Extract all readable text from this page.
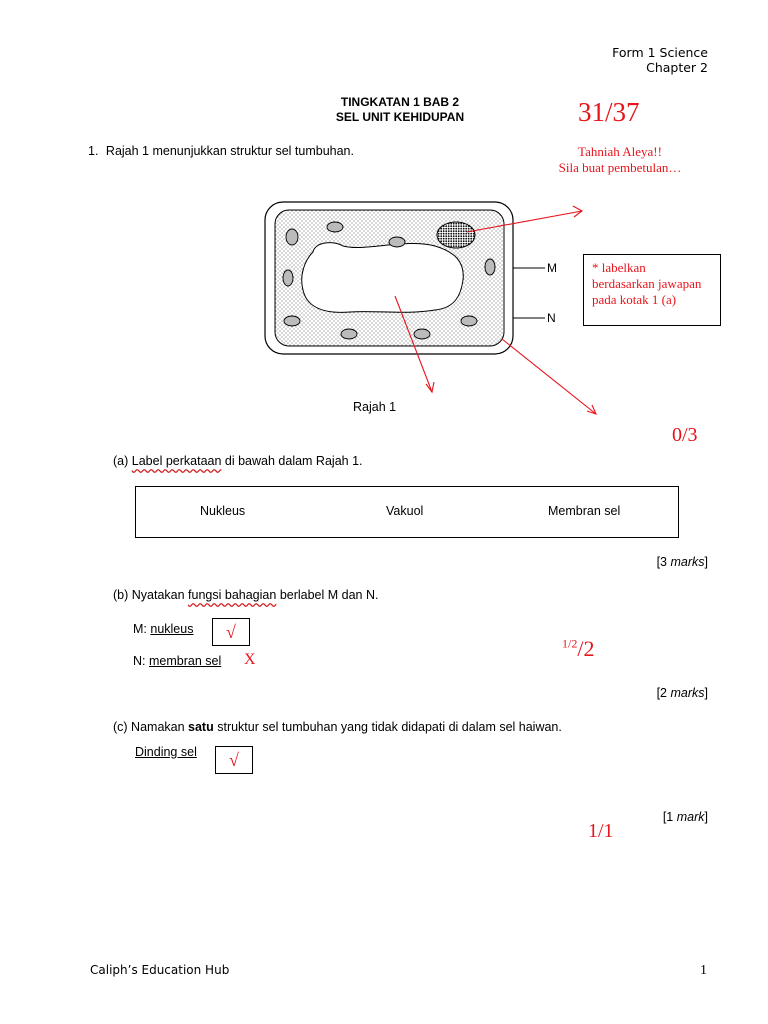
Form 1 Science
Chapter 2
TINGKATAN 1 BAB 2
SEL UNIT KEHIDUPAN	31/37
Tahniah Aleya!!
Sila buat pembetulan…
1. Rajah 1 menunjukkan struktur sel tumbuhan.
M
N
Rajah 1
* labelkan
berdasarkan jawapan
pada kotak 1 (a)
0/3
(a) Label perkataan di bawah dalam Rajah 1.
Nukleus	Vakuol	Membran sel
[3 marks]
(b) Nyatakan fungsi bahagian berlabel M dan N.
M: nukleus √
N: membran sel X
$^{1/2}$/2
[2 marks]
(c) Namakan satu struktur sel tumbuhan yang tidak didapati di dalam sel haiwan.
Dinding sel √
[1 mark]
1/1
Caliph’s Education Hub	1
